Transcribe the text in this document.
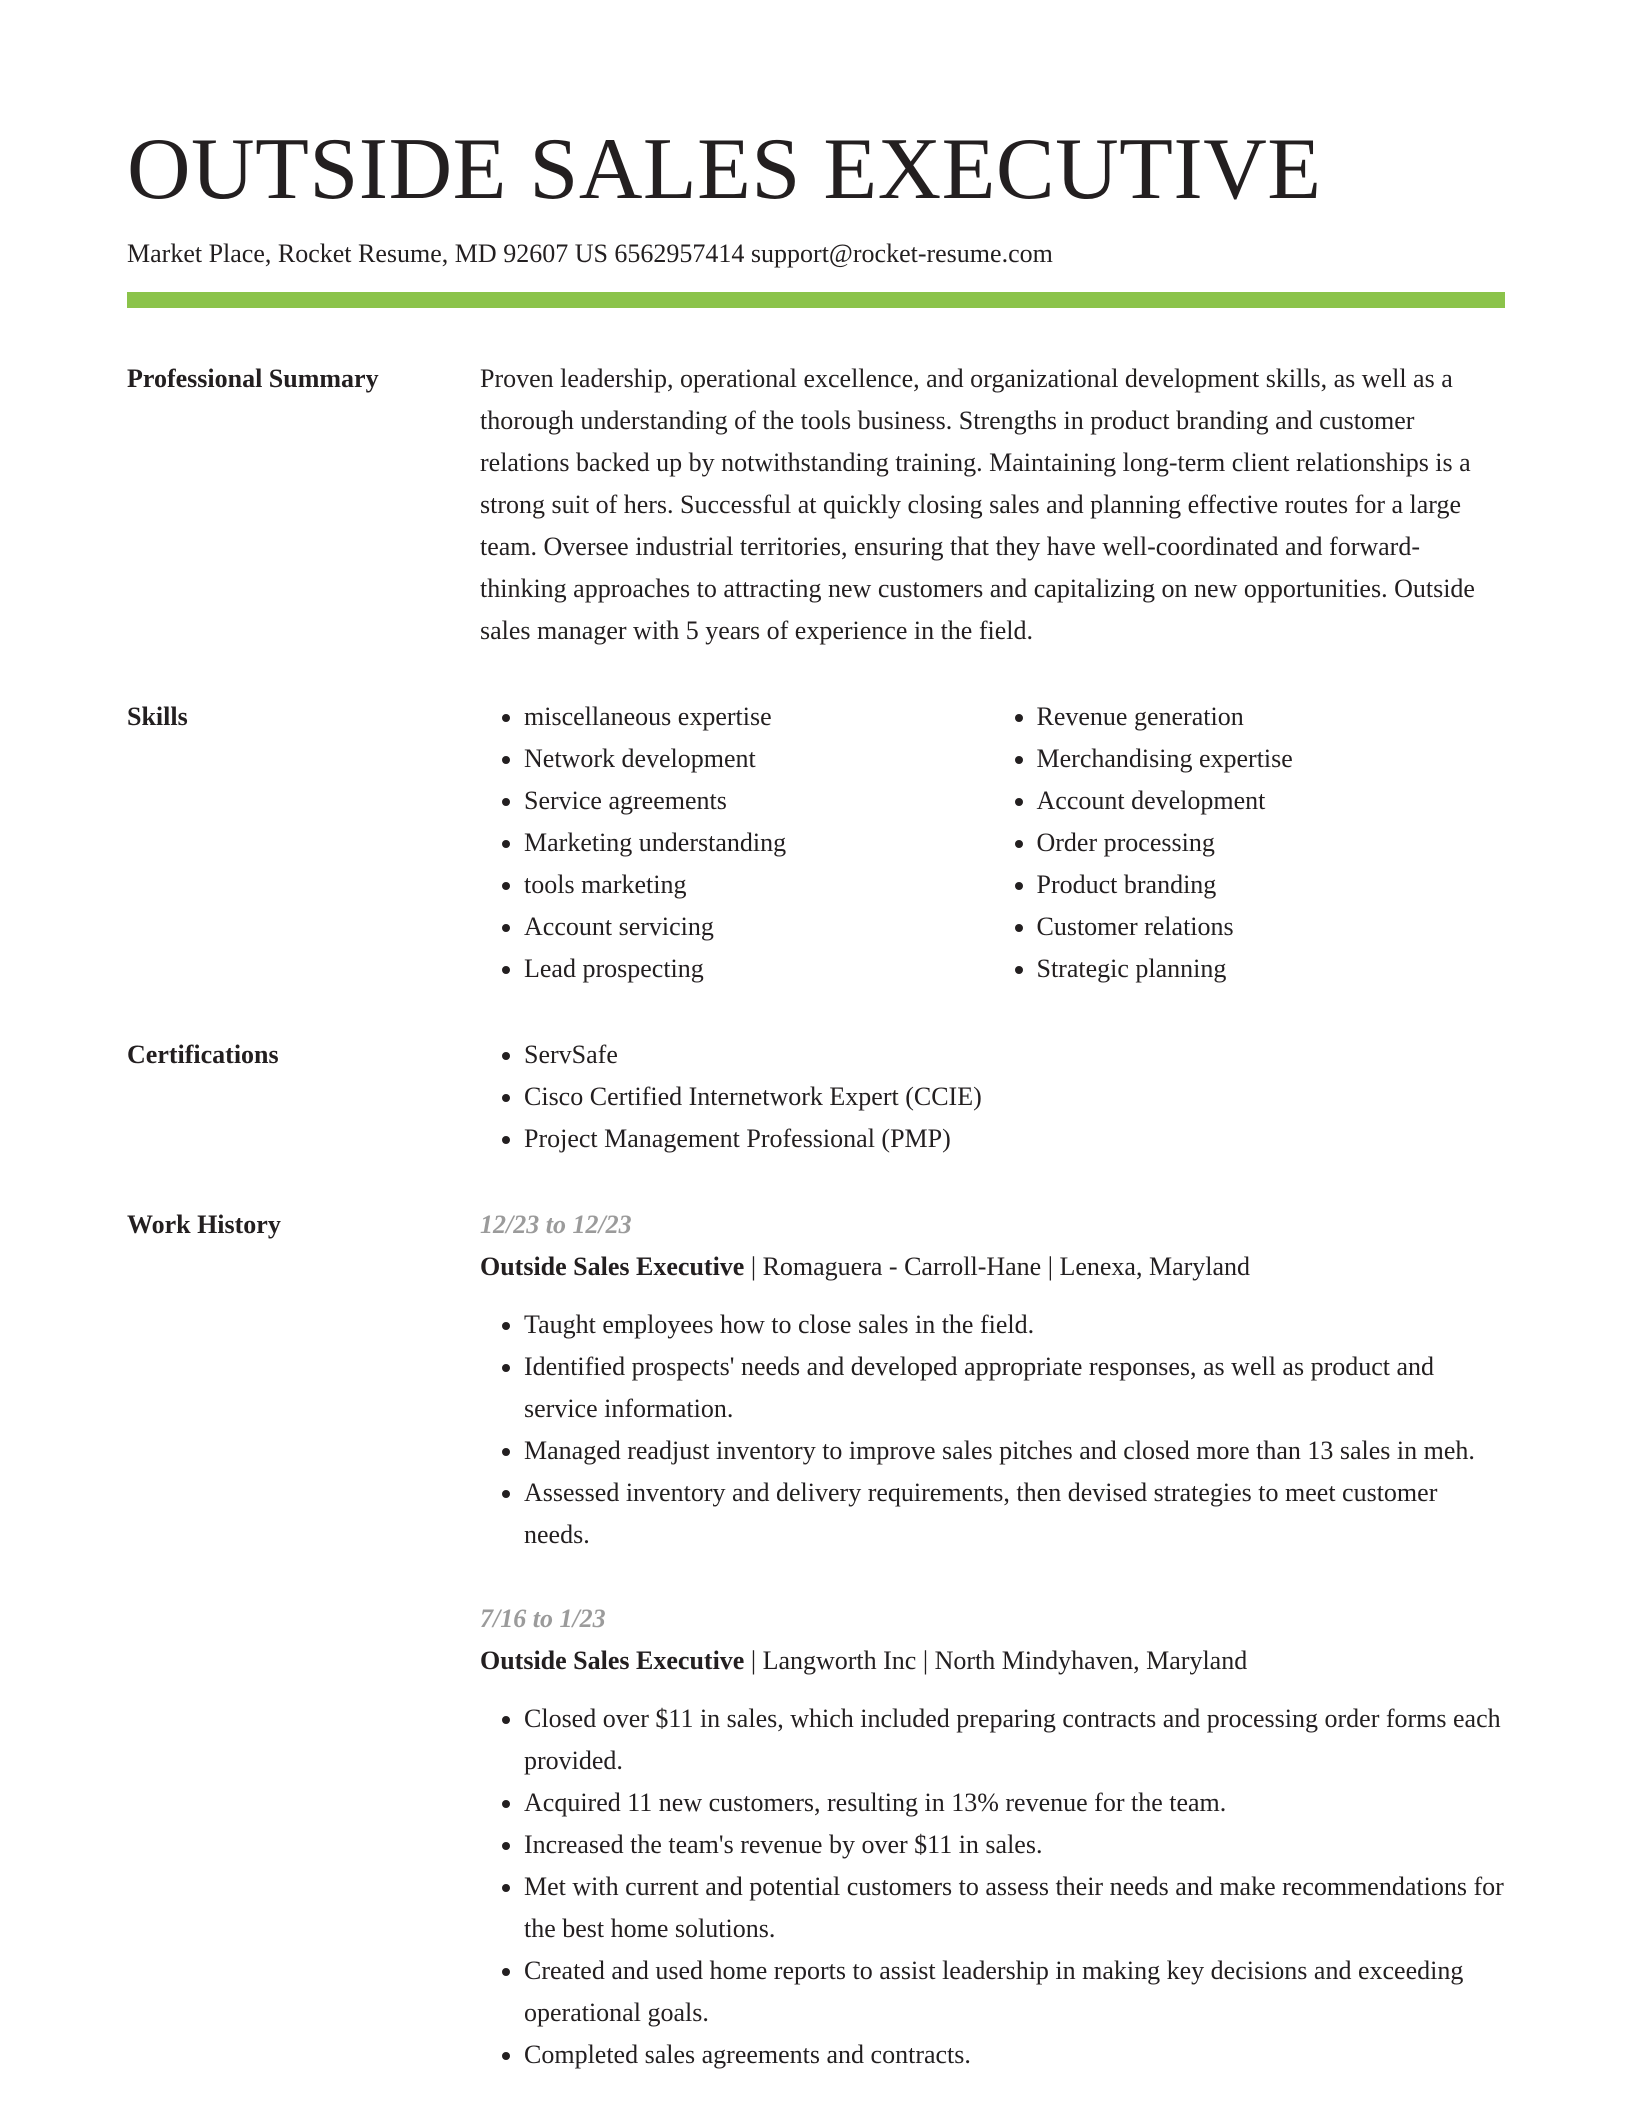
OUTSIDE SALES EXECUTIVE
Market Place, Rocket Resume, MD 92607 US 6562957414 support@rocket-resume.com
Professional Summary	Proven leadership, operational excellence, and organizational development skills, as well as a thorough understanding of the tools business. Strengths in product branding and customer relations backed up by notwithstanding training. Maintaining long-term client relationships is a strong suit of hers. Successful at quickly closing sales and planning effective routes for a large team. Oversee industrial territories, ensuring that they have well-coordinated and forward-thinking approaches to attracting new customers and capitalizing on new opportunities. Outside sales manager with 5 years of experience in the field.

Skills	• miscellaneous expertise
• Network development
• Service agreements
• Marketing understanding
• tools marketing
• Account servicing
• Lead prospecting
• Revenue generation
• Merchandising expertise
• Account development
• Order processing
• Product branding
• Customer relations
• Strategic planning
Certifications	• ServSafe
• Cisco Certified Internetwork Expert (CCIE)
• Project Management Professional (PMP)
Work History	12/23 to 12/23
Outside Sales Executive | Romaguera - Carroll-Hane | Lenexa, Maryland
• Taught employees how to close sales in the field.
• Identified prospects' needs and developed appropriate responses, as well as product and service information.
• Managed readjust inventory to improve sales pitches and closed more than 13 sales in meh.
• Assessed inventory and delivery requirements, then devised strategies to meet customer needs.
7/16 to 1/23
Outside Sales Executive | Langworth Inc | North Mindyhaven, Maryland
• Closed over $11 in sales, which included preparing contracts and processing order forms each provided.
• Acquired 11 new customers, resulting in 13% revenue for the team.
• Increased the team's revenue by over $11 in sales.
• Met with current and potential customers to assess their needs and make recommendations for the best home solutions.
• Created and used home reports to assist leadership in making key decisions and exceeding operational goals.
• Completed sales agreements and contracts.
